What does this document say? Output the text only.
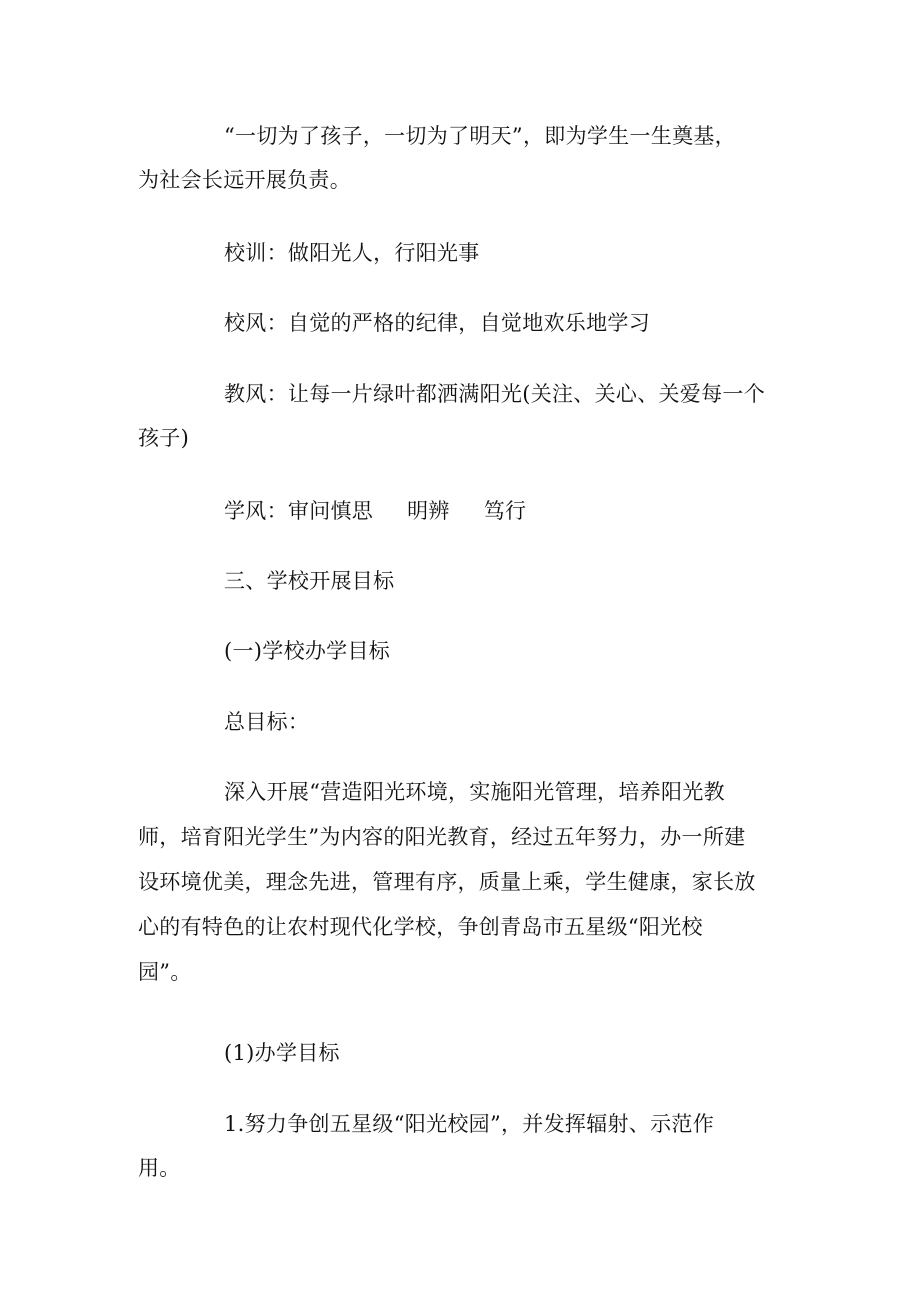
“一切为了孩子，一切为了明天”，即为学生一生奠基，
为社会长远开展负责。

校训：做阳光人，行阳光事

校风：自觉的严格的纪律，自觉地欢乐地学习

教风：让每一片绿叶都洒满阳光(关注、关心、关爱每一个
孩子)

学风：审问慎思 明辨 笃行

三、学校开展目标

(一)学校办学目标

总目标：

深入开展“营造阳光环境，实施阳光管理，培养阳光教
师，培育阳光学生”为内容的阳光教育，经过五年努力，办一所建
设环境优美，理念先进，管理有序，质量上乘，学生健康，家长放
心的有特色的让农村现代化学校，争创青岛市五星级“阳光校
园”。

(1)办学目标

1.努力争创五星级“阳光校园”，并发挥辐射、示范作
用。
